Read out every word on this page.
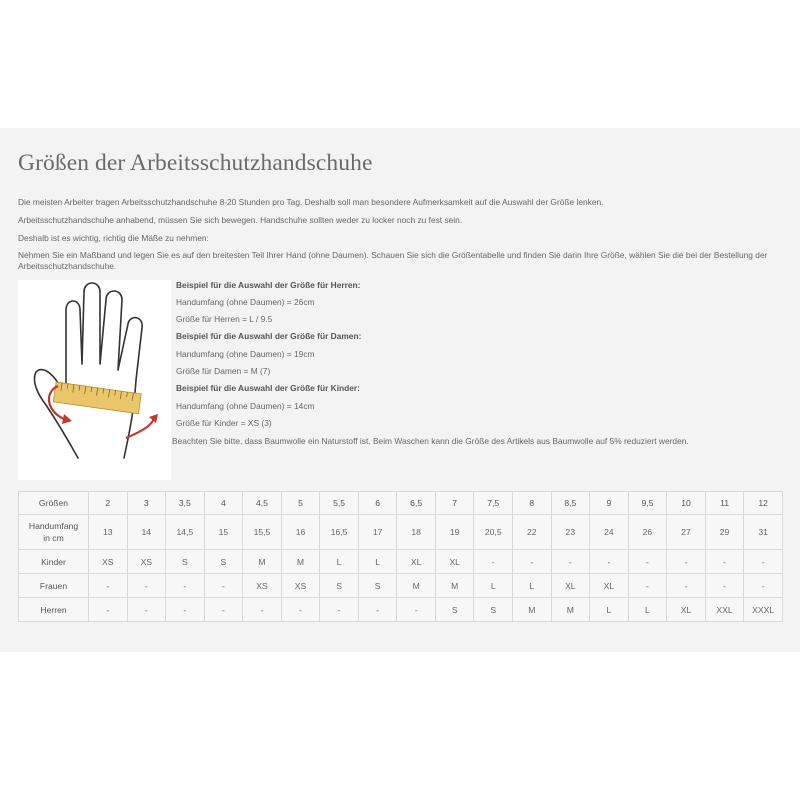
Größen der Arbeitsschutzhandschuhe

Die meisten Arbeiter tragen Arbeitsschutzhandschuhe 8-20 Stunden pro Tag. Deshalb soll man besondere Aufmerksamkeit auf die Auswahl der Größe lenken.

Arbeitsschutzhandschuhe anhabend, müssen Sie sich bewegen. Handschuhe sollten weder zu locker noch zu fest sein.

Deshalb ist es wichtig, richtig die Mäße zu nehmen:

Nehmen Sie ein Maßband und legen Sie es auf den breitesten Teil Ihrer Hand (ohne Daumen). Schauen Sie sich die Größentabelle und finden Sie darin Ihre Größe, wählen Sie die bei der Bestellung der Arbeitsschutzhandschuhe.

Beispiel für die Auswahl der Größe für Herren:

Handumfang (ohne Daumen) = 26cm

Größe für Herren = L / 9.5

Beispiel für die Auswahl der Größe für Damen:

Handumfang (ohne Daumen) = 19cm

Größe für Damen = M (7)

Beispiel für die Auswahl der Größe für Kinder:

Handumfang (ohne Daumen) = 14cm

Größe für Kinder = XS (3)

Beachten Sie bitte, dass Baumwolle ein Naturstoff ist. Beim Waschen kann die Größe des Artikels aus Baumwolle auf 5% reduziert werden.

Größen	2	3	3,5	4	4,5	5	5,5	6	6,5	7	7,5	8	8,5	9	9,5	10	11	12

Handumfang in cm	13	14	14,5	15	15,5	16	16,5	17	18	19	20,5	22	23	24	26	27	29	31
Kinder	XS	XS	S	S	M	M	L	L	XL	XL	-	-	-	-	-	-	-	-
Frauen	-	-	-	-	XS	XS	S	S	M	M	L	L	XL	XL	-	-	-	-
Herren	-	-	-	-	-	-	-	-	-	S	S	M	M	L	L	XL	XXL	XXXL
